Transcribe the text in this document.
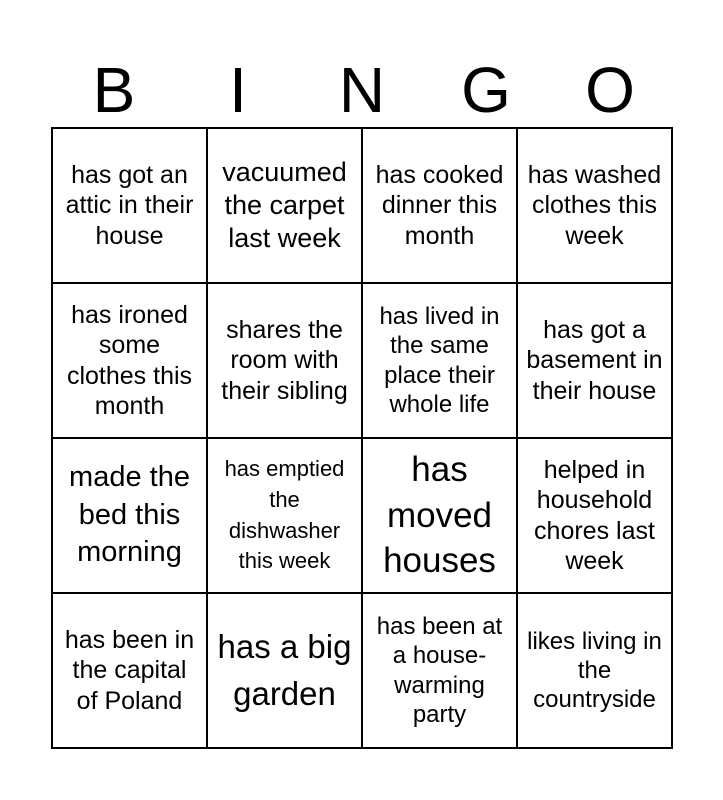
B	I	N	G	O
has got an attic in their house
vacuumed the carpet last week
has cooked dinner this month
has washed clothes this week
has ironed some clothes this month
shares the room with their sibling
has lived in the same place their whole life
has got a basement in their house
made the bed this morning
has emptied the dishwasher this week
has moved houses
helped in household chores last week
has been in the capital of Poland
has a big garden
has been at a house-warming party
likes living in the countryside
